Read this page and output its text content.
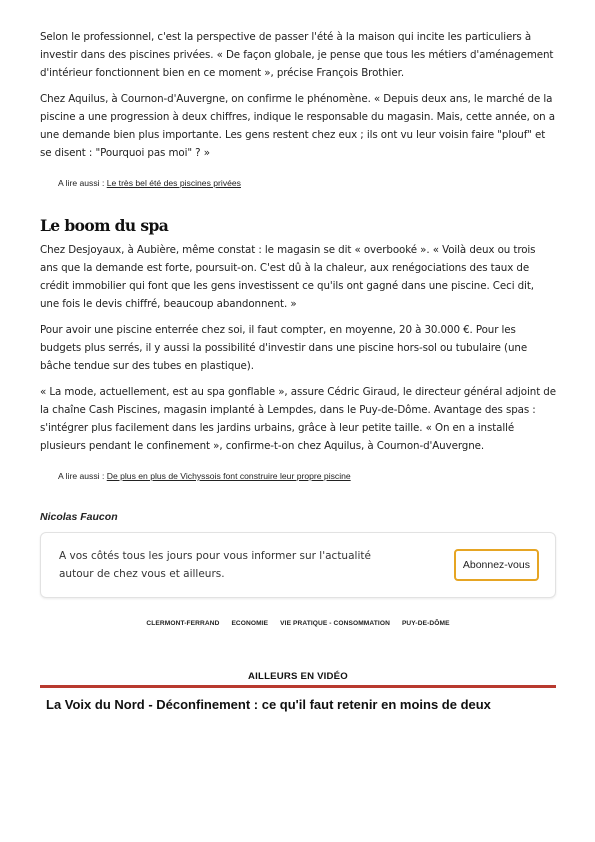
Selon le professionnel, c'est la perspective de passer l'été à la maison qui incite les particuliers à investir dans des piscines privées. « De façon globale, je pense que tous les métiers d'aménagement d'intérieur fonctionnent bien en ce moment », précise François Brothier.

Chez Aquilus, à Cournon-d'Auvergne, on confirme le phénomène. « Depuis deux ans, le marché de la piscine a une progression à deux chiffres, indique le responsable du magasin. Mais, cette année, on a une demande bien plus importante. Les gens restent chez eux ; ils ont vu leur voisin faire "plouf" et se disent : "Pourquoi pas moi" ? »

A lire aussi : Le très bel été des piscines privées
Le boom du spa

Chez Desjoyaux, à Aubière, même constat : le magasin se dit « overbooké ». « Voilà deux ou trois ans que la demande est forte, poursuit-on. C'est dû à la chaleur, aux renégociations des taux de crédit immobilier qui font que les gens investissent ce qu'ils ont gagné dans une piscine. Ceci dit, une fois le devis chiffré, beaucoup abandonnent. »

Pour avoir une piscine enterrée chez soi, il faut compter, en moyenne, 20 à 30.000 €. Pour les budgets plus serrés, il y aussi la possibilité d'investir dans une piscine hors-sol ou tubulaire (une bâche tendue sur des tubes en plastique).

« La mode, actuellement, est au spa gonflable », assure Cédric Giraud, le directeur général adjoint de la chaîne Cash Piscines, magasin implanté à Lempdes, dans le Puy-de-Dôme. Avantage des spas : s'intégrer plus facilement dans les jardins urbains, grâce à leur petite taille. « On en a installé plusieurs pendant le confinement », confirme-t-on chez Aquilus, à Cournon-d'Auvergne.

A lire aussi : De plus en plus de Vichyssois font construire leur propre piscine
Nicolas Faucon
A vos côtés tous les jours pour vous informer sur l'actualité autour de chez vous et ailleurs.
Abonnez-vous
CLERMONT-FERRAND ECONOMIE VIE PRATIQUE - CONSOMMATION PUY-DE-DÔME
AILLEURS EN VIDÉO
La Voix du Nord - Déconfinement : ce qu'il faut retenir en moins de deux
